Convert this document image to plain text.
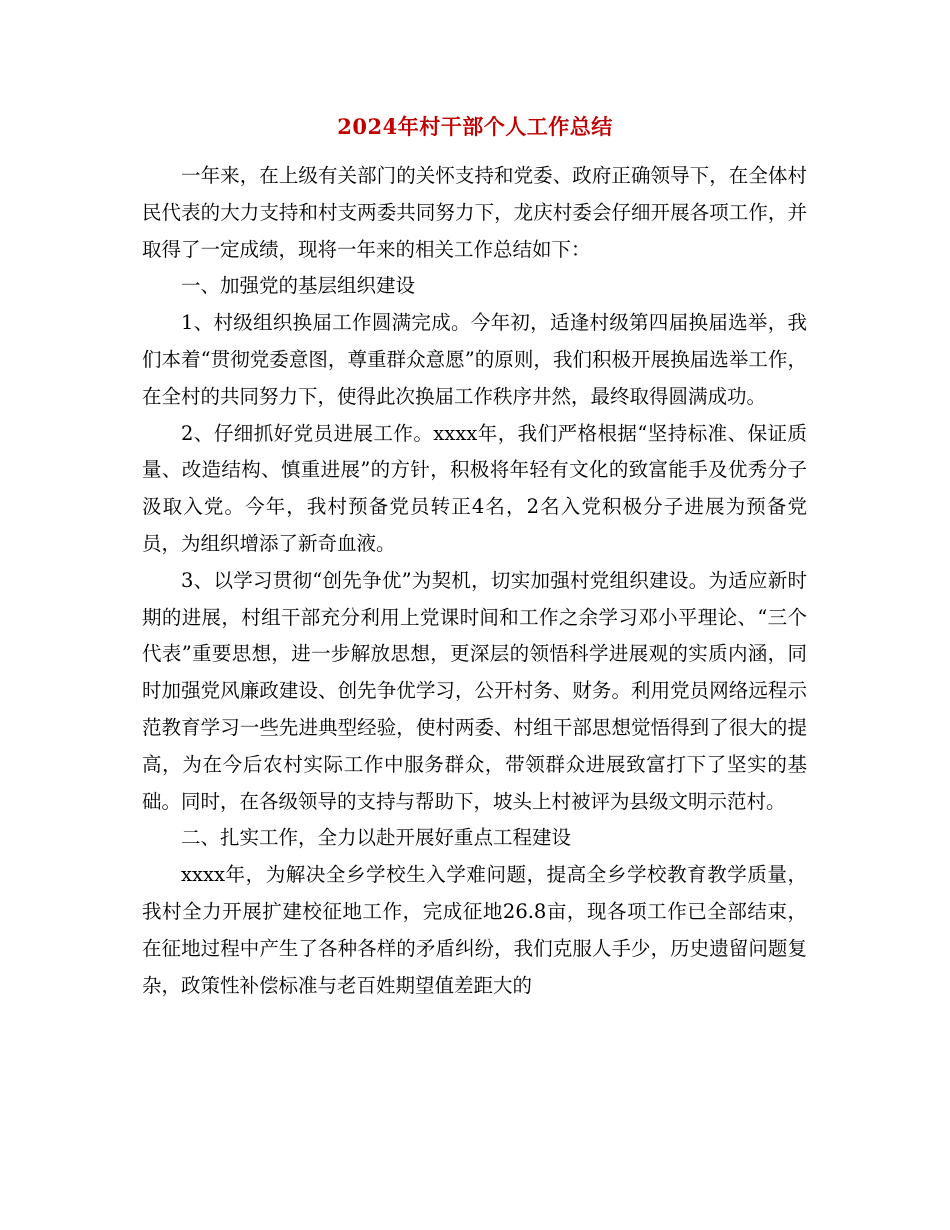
2024年村干部个人工作总结

一年来，在上级有关部门的关怀支持和党委、政府正确领导下，在全体村民代表的大力支持和村支两委共同努力下，龙庆村委会仔细开展各项工作，并取得了一定成绩，现将一年来的相关工作总结如下：

一、加强党的基层组织建设

1、村级组织换届工作圆满完成。今年初，适逢村级第四届换届选举，我们本着“贯彻党委意图，尊重群众意愿”的原则，我们积极开展换届选举工作，在全村的共同努力下，使得此次换届工作秩序井然，最终取得圆满成功。

2、仔细抓好党员进展工作。xxxx年，我们严格根据“坚持标准、保证质量、改造结构、慎重进展”的方针，积极将年轻有文化的致富能手及优秀分子汲取入党。今年，我村预备党员转正4名，2名入党积极分子进展为预备党员，为组织增添了新奇血液。

3、以学习贯彻“创先争优”为契机，切实加强村党组织建设。为适应新时期的进展，村组干部充分利用上党课时间和工作之余学习邓小平理论、“三个代表”重要思想，进一步解放思想，更深层的领悟科学进展观的实质内涵，同时加强党风廉政建设、创先争优学习，公开村务、财务。利用党员网络远程示范教育学习一些先进典型经验，使村两委、村组干部思想觉悟得到了很大的提高，为在今后农村实际工作中服务群众，带领群众进展致富打下了坚实的基础。同时，在各级领导的支持与帮助下，坡头上村被评为县级文明示范村。

二、扎实工作，全力以赴开展好重点工程建设

xxxx年，为解决全乡学校生入学难问题，提高全乡学校教育教学质量，我村全力开展扩建校征地工作，完成征地26.8亩，现各项工作已全部结束，在征地过程中产生了各种各样的矛盾纠纷，我们克服人手少，历史遗留问题复杂，政策性补偿标准与老百姓期望值差距大的
